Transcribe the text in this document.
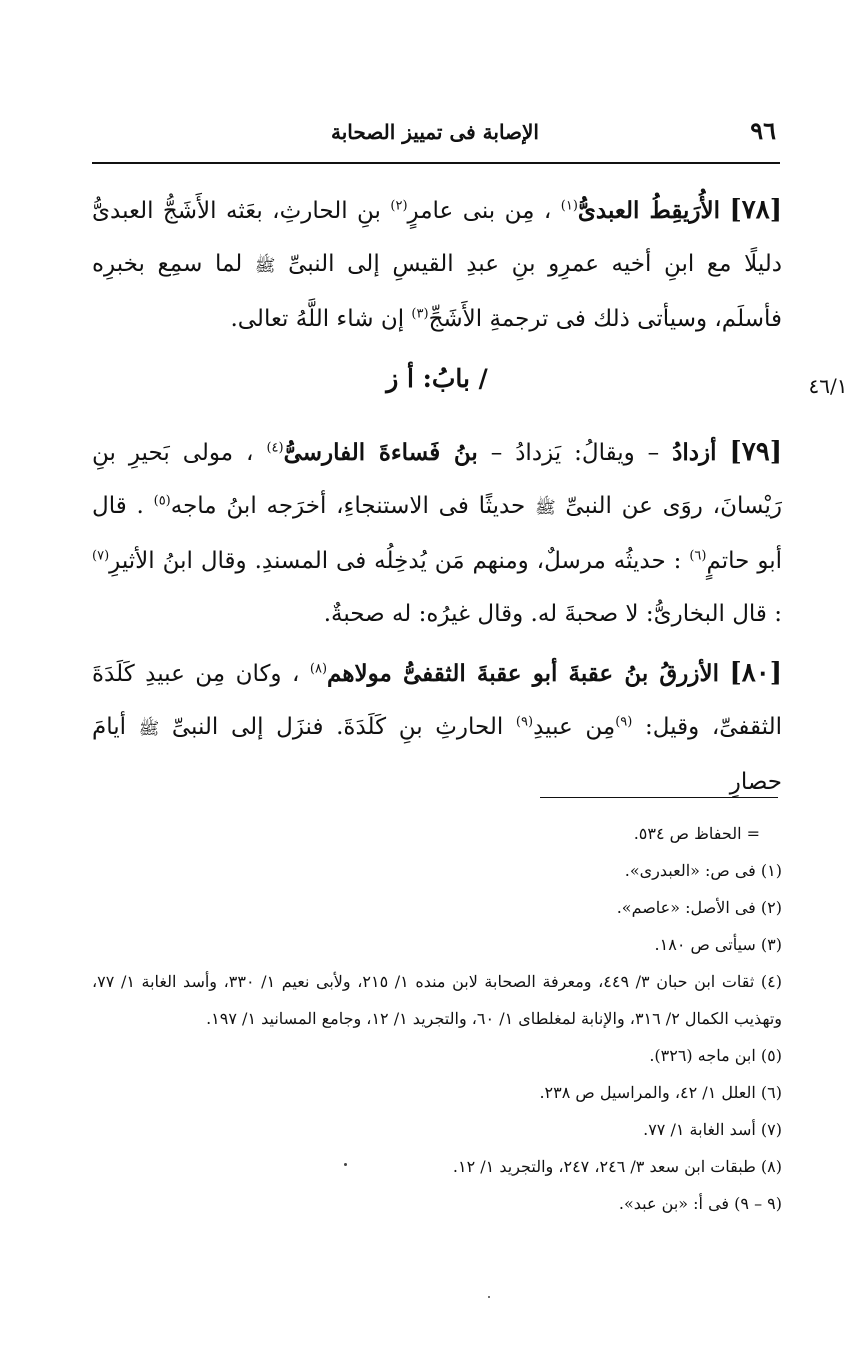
٩٦
الإصابة فى تمييز الصحابة
٤٦/١

[٧٨] الأُرَيقِطُ العبدىُّ$^{(١)}$ ، مِن بنى عامرٍ$^{(٢)}$ بنِ الحارثِ، بعَثه الأَشَجُّ العبدىُّ دليلًا مع ابنِ أخيه عمرِو بنِ عبدِ القيسِ إلى النبىِّ ﷺ لما سمِع بخبرِه فأسلَم، وسيأتى ذلك فى ترجمةِ الأَشَجِّ$^{(٣)}$ إن شاء اللَّهُ تعالى.

/ بابُ: أ ز

[٧٩] أزدادُ – ويقالُ: يَزدادُ – بنُ فَساءةَ الفارسىُّ$^{(٤)}$ ، مولى بَحيرِ بنِ رَيْسانَ، روَى عن النبىِّ ﷺ حديثًا فى الاستنجاءِ، أخرَجه ابنُ ماجه$^{(٥)}$ . قال أبو حاتمٍ$^{(٦)}$ : حديثُه مرسلٌ، ومنهم مَن يُدخِلُه فى المسندِ. وقال ابنُ الأثيرِ$^{(٧)}$ : قال البخارىُّ: لا صحبةَ له. وقال غيرُه: له صحبةٌ.

[٨٠] الأزرقُ بنُ عقبةَ أبو عقبةَ الثقفىُّ مولاهم$^{(٨)}$ ، وكان مِن عبيدِ كَلَدَةَ الثقفىِّ، وقيل: $^{(٩)}$مِن عبيدِ$^{(٩)}$ الحارثِ بنِ كَلَدَةَ. فنزَل إلى النبىِّ ﷺ أيامَ حصارِ

= الحفاظ ص ٥٣٤.

(١) فى ص: «العبدرى».

(٢) فى الأصل: «عاصم».

(٣) سيأتى ص ١٨٠.

(٤) ثقات ابن حبان ٣/ ٤٤٩، ومعرفة الصحابة لابن منده ١/ ٢١٥، ولأبى نعيم ١/ ٣٣٠، وأسد الغابة ١/ ٧٧، وتهذيب الكمال ٢/ ٣١٦، والإنابة لمغلطاى ١/ ٦٠، والتجريد ١/ ١٢، وجامع المسانيد ١/ ١٩٧.

(٥) ابن ماجه (٣٢٦).

(٦) العلل ١/ ٤٢، والمراسيل ص ٢٣٨.

(٧) أسد الغابة ١/ ٧٧.

(٨) طبقات ابن سعد ٣/ ٢٤٦، ٢٤٧، والتجريد ١/ ١٢.

(٩ – ٩) فى أ: «بن عبد».
